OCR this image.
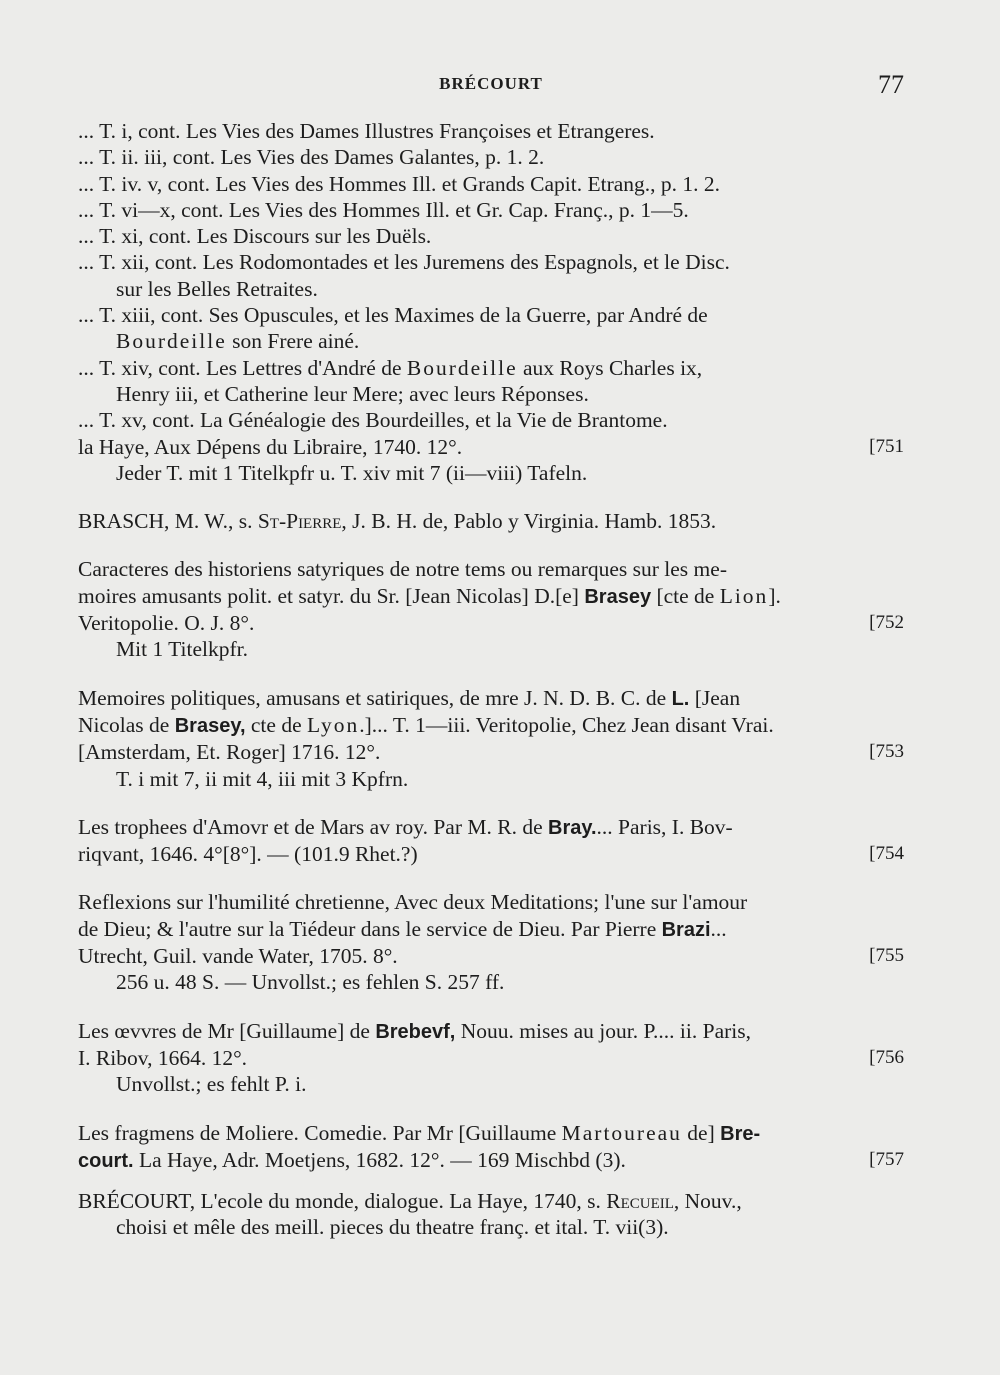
BRÉCOURT	77
... T. i, cont. Les Vies des Dames Illustres Françoises et Etrangeres.
... T. ii. iii, cont. Les Vies des Dames Galantes, p. 1. 2.
... T. iv. v, cont. Les Vies des Hommes Ill. et Grands Capit. Etrang., p. 1. 2.
... T. vi—x, cont. Les Vies des Hommes Ill. et Gr. Cap. Franç., p. 1—5.
... T. xi, cont. Les Discours sur les Duëls.
... T. xii, cont. Les Rodomontades et les Juremens des Espagnols, et le Disc.
sur les Belles Retraites.
... T. xiii, cont. Ses Opuscules, et les Maximes de la Guerre, par André de
Bourdeille son Frere ainé.
... T. xiv, cont. Les Lettres d'André de Bourdeille aux Roys Charles ix,
Henry iii, et Catherine leur Mere; avec leurs Réponses.
... T. xv, cont. La Généalogie des Bourdeilles, et la Vie de Brantome.
la Haye, Aux Dépens du Libraire, 1740. 12°.	[751
Jeder T. mit 1 Titelkpfr u. T. xiv mit 7 (ii—viii) Tafeln.
BRASCH, M. W., s. St-Pierre, J. B. H. de, Pablo y Virginia. Hamb. 1853.
Caracteres des historiens satyriques de notre tems ou remarques sur les me-
moires amusants polit. et satyr. du Sr. [Jean Nicolas] D.[e] Brasey [cte de Lion].
Veritopolie. O. J. 8°.	[752
Mit 1 Titelkpfr.
Memoires politiques, amusans et satiriques, de mre J. N. D. B. C. de L. [Jean
Nicolas de Brasey, cte de Lyon.]... T. 1—iii. Veritopolie, Chez Jean disant Vrai.
[Amsterdam, Et. Roger] 1716. 12°.	[753
T. i mit 7, ii mit 4, iii mit 3 Kpfrn.
Les trophees d'Amovr et de Mars av roy. Par M. R. de Bray.... Paris, I. Bov-
riqvant, 1646. 4°[8°]. — (101.9 Rhet.?)	[754
Reflexions sur l'humilité chretienne, Avec deux Meditations; l'une sur l'amour
de Dieu; & l'autre sur la Tiédeur dans le service de Dieu. Par Pierre Brazi...
Utrecht, Guil. vande Water, 1705. 8°.	[755
256 u. 48 S. — Unvollst.; es fehlen S. 257 ff.
Les œvvres de Mr [Guillaume] de Brebevf, Nouu. mises au jour. P.... ii. Paris,
I. Ribov, 1664. 12°.	[756
Unvollst.; es fehlt P. i.
Les fragmens de Moliere. Comedie. Par Mr [Guillaume Martoureau de] Bre-
court. La Haye, Adr. Moetjens, 1682. 12°. — 169 Mischbd (3).	[757
BRÉCOURT, L'ecole du monde, dialogue. La Haye, 1740, s. Recueil, Nouv.,
choisi et mêle des meill. pieces du theatre franç. et ital. T. vii(3).
